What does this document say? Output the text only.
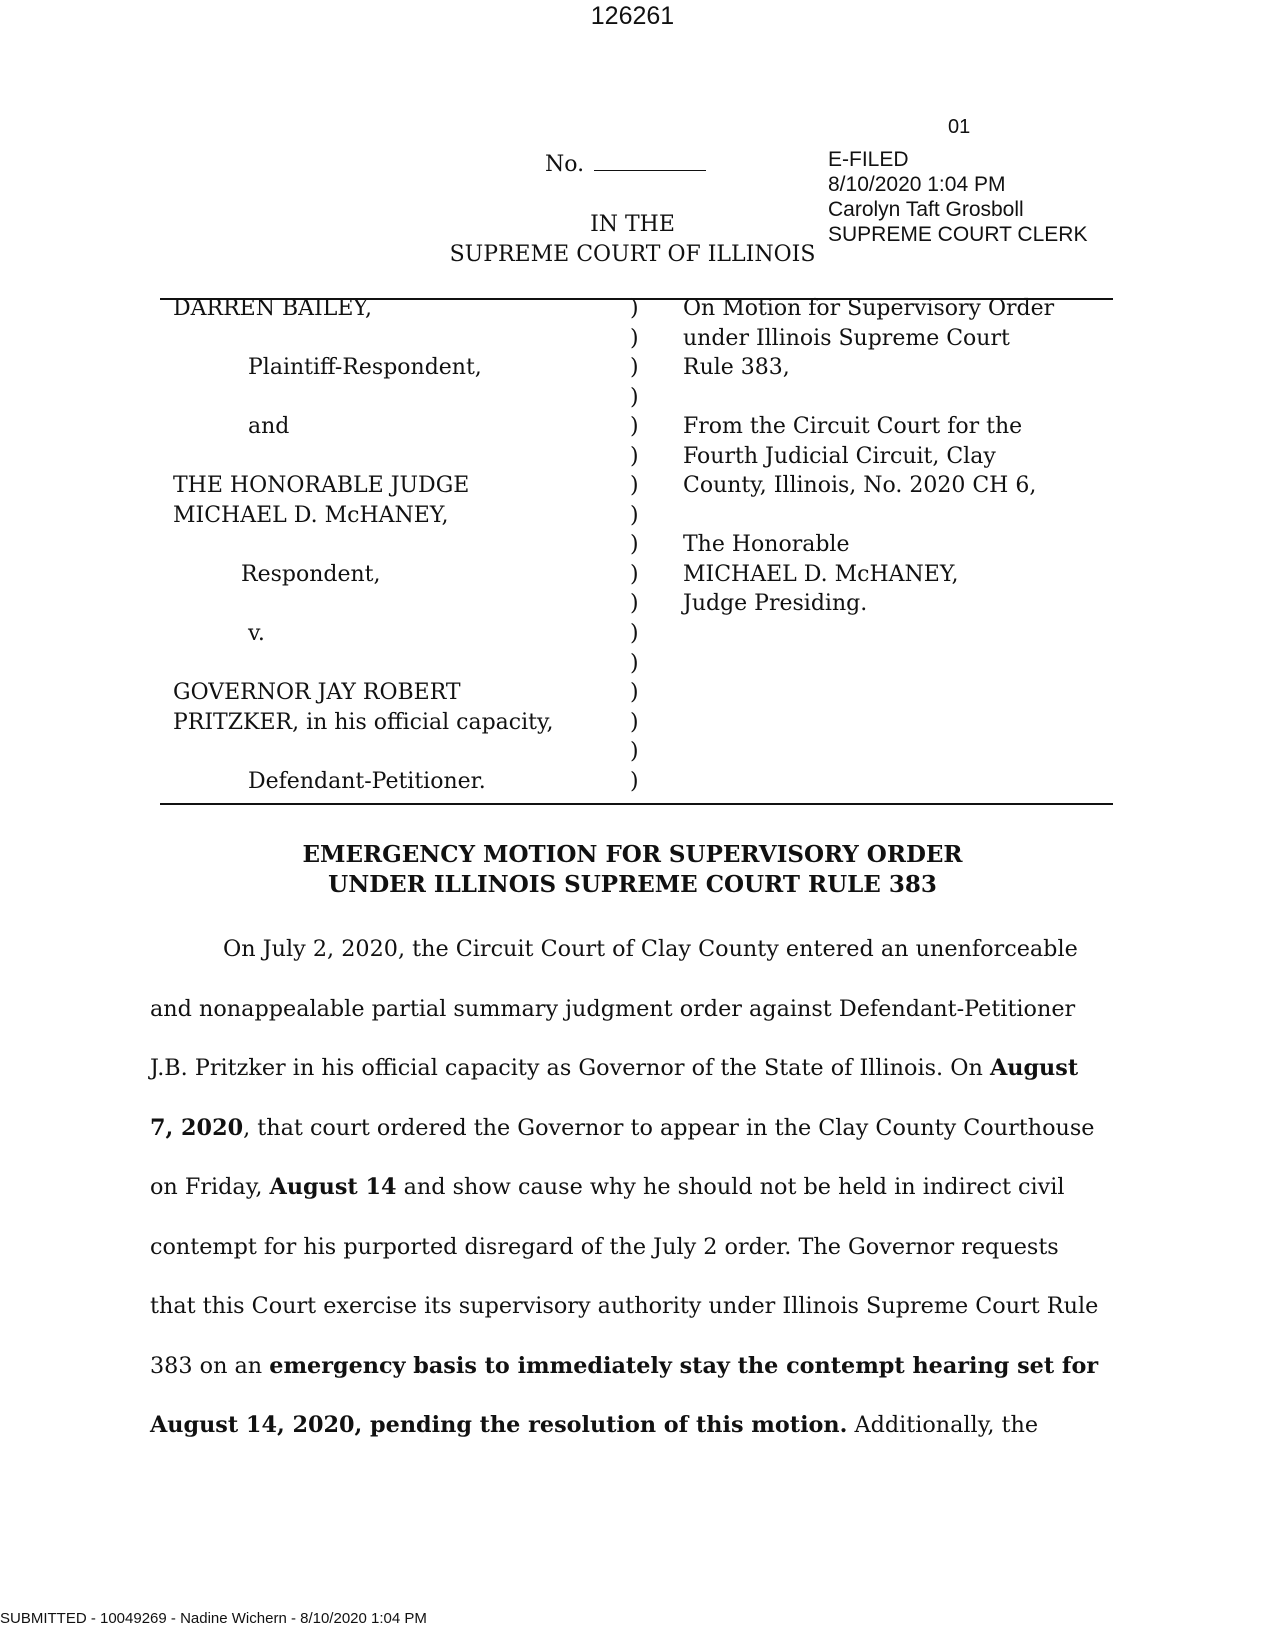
126261
01
No.	E-FILED
8/10/2020 1:04 PM
Carolyn Taft Grosboll
SUPREME COURT CLERK
IN THE
SUPREME COURT OF ILLINOIS
DARREN BAILEY,
Plaintiff-Respondent,
and
THE HONORABLE JUDGE
MICHAEL D. McHANEY,
Respondent,
v.
GOVERNOR JAY ROBERT
PRITZKER, in his official capacity,
Defendant-Petitioner.
)
)
)
)
)
)
)
)
)
)
)
)
)
)
)
)
)
On Motion for Supervisory Order
under Illinois Supreme Court
Rule 383,
From the Circuit Court for the
Fourth Judicial Circuit, Clay
County, Illinois, No. 2020 CH 6,
The Honorable
MICHAEL D. McHANEY,
Judge Presiding.
EMERGENCY MOTION FOR SUPERVISORY ORDER
UNDER ILLINOIS SUPREME COURT RULE 383
On July 2, 2020, the Circuit Court of Clay County entered an unenforceable
and nonappealable partial summary judgment order against Defendant-Petitioner
J.B. Pritzker in his official capacity as Governor of the State of Illinois. On August
7, 2020, that court ordered the Governor to appear in the Clay County Courthouse
on Friday, August 14 and show cause why he should not be held in indirect civil
contempt for his purported disregard of the July 2 order. The Governor requests
that this Court exercise its supervisory authority under Illinois Supreme Court Rule
383 on an emergency basis to immediately stay the contempt hearing set for
August 14, 2020, pending the resolution of this motion. Additionally, the
SUBMITTED - 10049269 - Nadine Wichern - 8/10/2020 1:04 PM
